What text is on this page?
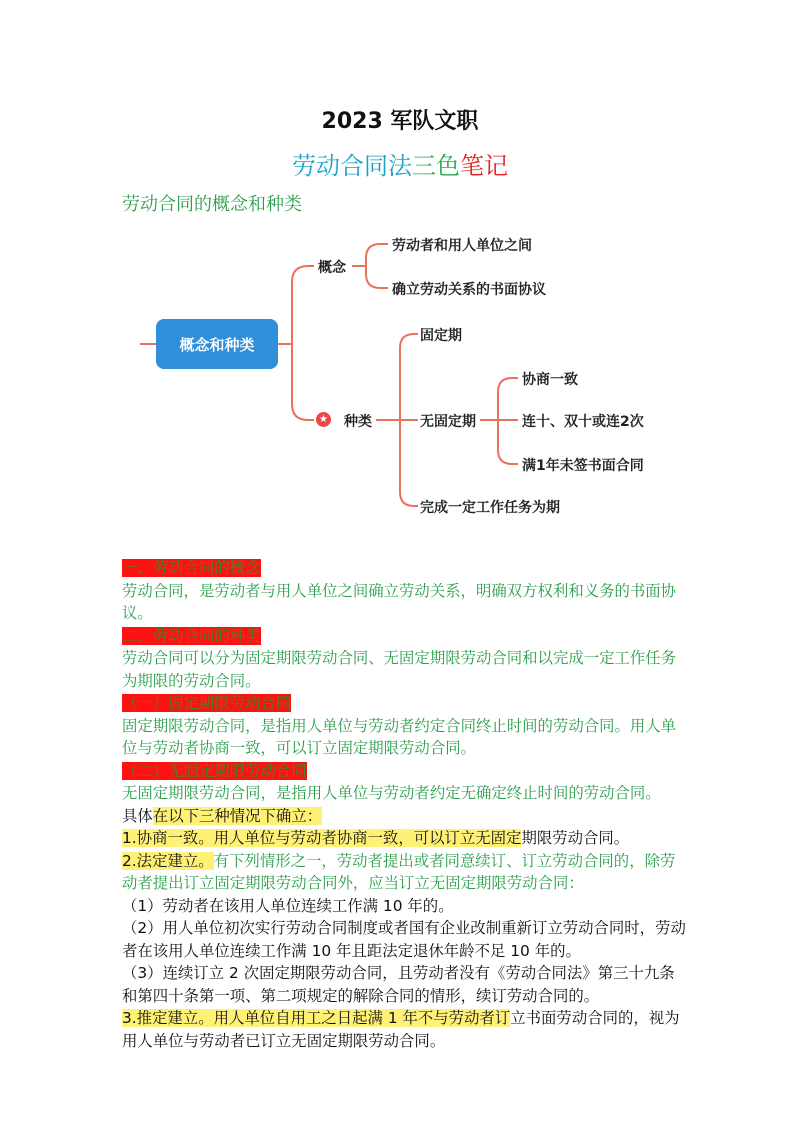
2023 军队文职
劳动合同法三色笔记
劳动合同的概念和种类
概念和种类
概念
劳动者和用人单位之间
确立劳动关系的书面协议
★ 种类
固定期
无固定期
协商一致
连十、双十或连2次
满1年未签书面合同
完成一定工作任务为期

一、劳动合同的概念

劳动合同，是劳动者与用人单位之间确立劳动关系，明确双方权利和义务的书面协议。

二、劳动合同的种类

劳动合同可以分为固定期限劳动合同、无固定期限劳动合同和以完成一定工作任务为期限的劳动合同。

（一）固定期限劳动合同

固定期限劳动合同，是指用人单位与劳动者约定合同终止时间的劳动合同。用人单位与劳动者协商一致，可以订立固定期限劳动合同。

（二）无固定期限劳动合同

无固定期限劳动合同，是指用人单位与劳动者约定无确定终止时间的劳动合同。

具体在以下三种情况下确立：

1.协商一致。用人单位与劳动者协商一致，可以订立无固定期限劳动合同。

2.法定建立。有下列情形之一，劳动者提出或者同意续订、订立劳动合同的，除劳动者提出订立固定期限劳动合同外，应当订立无固定期限劳动合同：

（1）劳动者在该用人单位连续工作满 10 年的。

（2）用人单位初次实行劳动合同制度或者国有企业改制重新订立劳动合同时，劳动者在该用人单位连续工作满 10 年且距法定退休年龄不足 10 年的。

（3）连续订立 2 次固定期限劳动合同，且劳动者没有《劳动合同法》第三十九条和第四十条第一项、第二项规定的解除合同的情形，续订劳动合同的。

3.推定建立。用人单位自用工之日起满 1 年不与劳动者订立书面劳动合同的，视为用人单位与劳动者已订立无固定期限劳动合同。
